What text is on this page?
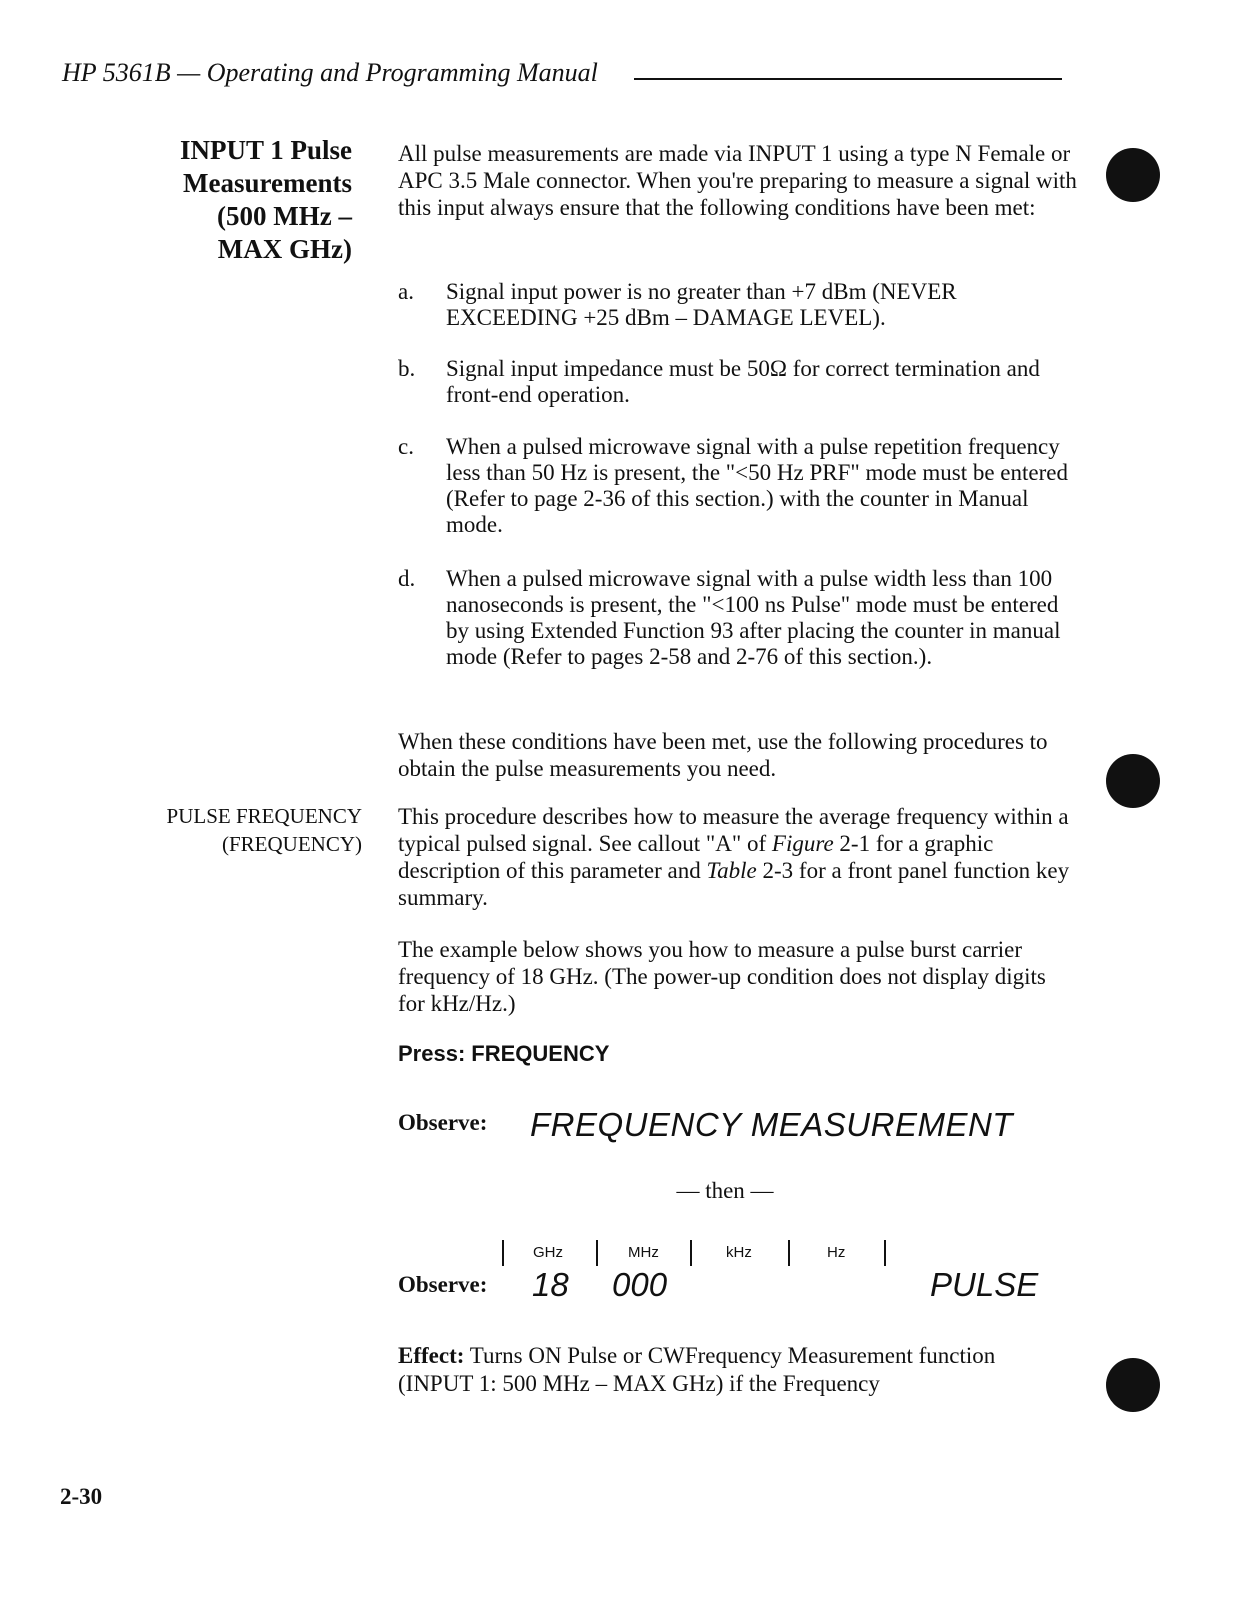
HP 5361B — Operating and Programming Manual
INPUT 1 Pulse
Measurements
(500 MHz –
MAX GHz)
All pulse measurements are made via INPUT 1 using a type N Female or APC 3.5 Male connector. When you're preparing to measure a signal with this input always ensure that the following conditions have been met:
a. Signal input power is no greater than +7 dBm (NEVER EXCEEDING +25 dBm – DAMAGE LEVEL).
b. Signal input impedance must be 50Ω for correct termination and front-end operation.
c. When a pulsed microwave signal with a pulse repetition frequency less than 50 Hz is present, the "<50 Hz PRF" mode must be entered (Refer to page 2-36 of this section.) with the counter in Manual mode.
d. When a pulsed microwave signal with a pulse width less than 100 nanoseconds is present, the "<100 ns Pulse" mode must be entered by using Extended Function 93 after placing the counter in manual mode (Refer to pages 2-58 and 2-76 of this section.).
When these conditions have been met, use the following procedures to obtain the pulse measurements you need.
PULSE FREQUENCY
(FREQUENCY)
This procedure describes how to measure the average frequency within a typical pulsed signal. See callout "A" of Figure 2-1 for a graphic description of this parameter and Table 2-3 for a front panel function key summary.
The example below shows you how to measure a pulse burst carrier frequency of 18 GHz. (The power-up condition does not display digits for kHz/Hz.)
Press: FREQUENCY
Observe: FREQUENCY MEASUREMENT
— then —
GHz	MHz	kHz	Hz
Observe: 18 000	PULSE
Effect: Turns ON Pulse or CWFrequency Measurement function (INPUT 1: 500 MHz – MAX GHz) if the Frequency
2-30
